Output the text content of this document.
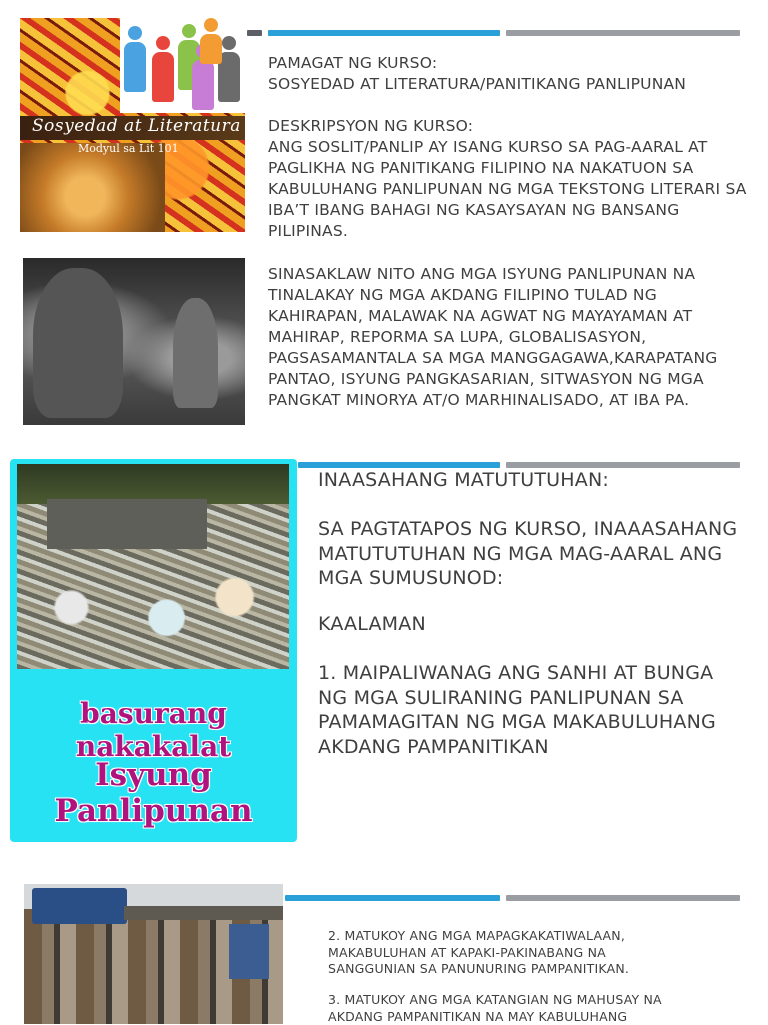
Sosyedad at Literatura
Modyul sa Lit 101
PAMAGAT NG KURSO:
SOSYEDAD AT LITERATURA/PANITIKANG PANLIPUNAN
DESKRIPSYON NG KURSO:
ANG SOSLIT/PANLIP AY ISANG KURSO SA PAG-AARAL AT PAGLIKHA NG PANITIKANG FILIPINO NA NAKATUON SA KABULUHANG PANLIPUNAN NG MGA TEKSTONG LITERARI SA IBA’T IBANG BAHAGI NG KASAYSAYAN NG BANSANG PILIPINAS.
SINASAKLAW NITO ANG MGA ISYUNG PANLIPUNAN NA TINALAKAY NG MGA AKDANG FILIPINO TULAD NG KAHIRAPAN, MALAWAK NA AGWAT NG MAYAYAMAN AT MAHIRAP, REPORMA SA LUPA, GLOBALISASYON, PAGSASAMANTALA SA MGA MANGGAGAWA,KARAPATANG PANTAO, ISYUNG PANGKASARIAN, SITWASYON NG MGA PANGKAT MINORYA AT/O MARHINALISADO, AT IBA PA.
basurang nakakalat
Isyung Panlipunan
INAASAHANG MATUTUTUHAN:
SA PAGTATAPOS NG KURSO, INAAASAHANG MATUTUTUHAN NG MGA MAG-AARAL ANG MGA SUMUSUNOD:
KAALAMAN
1. MAIPALIWANAG ANG SANHI AT BUNGA NG MGA SULIRANING PANLIPUNAN SA PAMAMAGITAN NG MGA MAKABULUHANG AKDANG PAMPANITIKAN
2. MATUKOY ANG MGA MAPAGKAKATIWALAAN, MAKABULUHAN AT KAPAKI-PAKINABANG NA SANGGUNIAN SA PANUNURING PAMPANITIKAN.
3. MATUKOY ANG MGA KATANGIAN NG MAHUSAY NA AKDANG PAMPANITIKAN NA MAY KABULUHANG
